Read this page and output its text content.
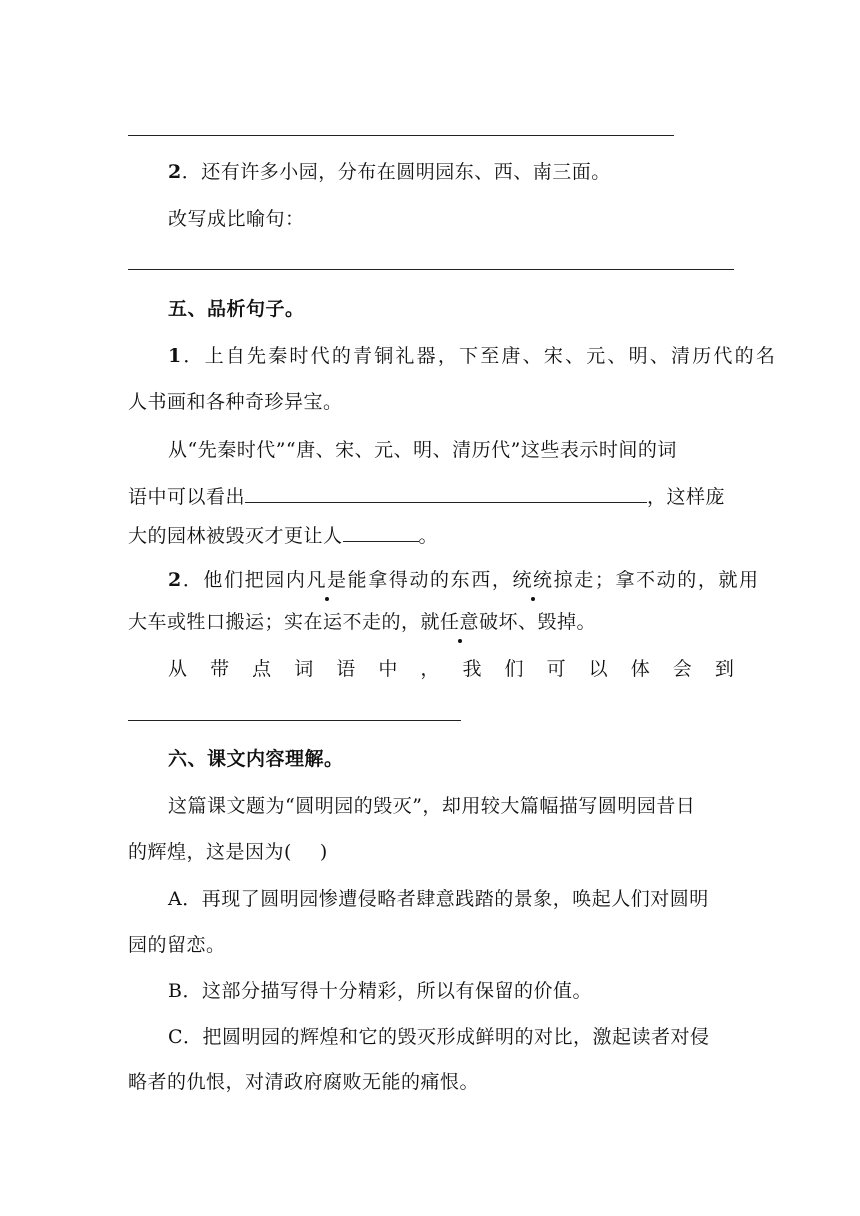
2．还有许多小园，分布在圆明园东、西、南三面。
改写成比喻句：
五、品析句子。
1．上自先秦时代的青铜礼器，下至唐、宋、元、明、清历代的名
人书画和各种奇珍异宝。
从“先秦时代”“唐、宋、元、明、清历代”这些表示时间的词
语中可以看出	，这样庞
大的园林被毁灭才更让人	。
2．他们把园内凡是能拿得动的东西，统统掠走；拿不动的，就用
大车或牲口搬运；实在运不走的，就任意破坏、毁掉。
从 带 点 词 语 中 ， 我 们 可 以 体 会 到
六、课文内容理解。
这篇课文题为“圆明园的毁灭”，却用较大篇幅描写圆明园昔日
的辉煌，这是因为( )
A．再现了圆明园惨遭侵略者肆意践踏的景象，唤起人们对圆明
园的留恋。
B．这部分描写得十分精彩，所以有保留的价值。
C．把圆明园的辉煌和它的毁灭形成鲜明的对比，激起读者对侵
略者的仇恨，对清政府腐败无能的痛恨。
